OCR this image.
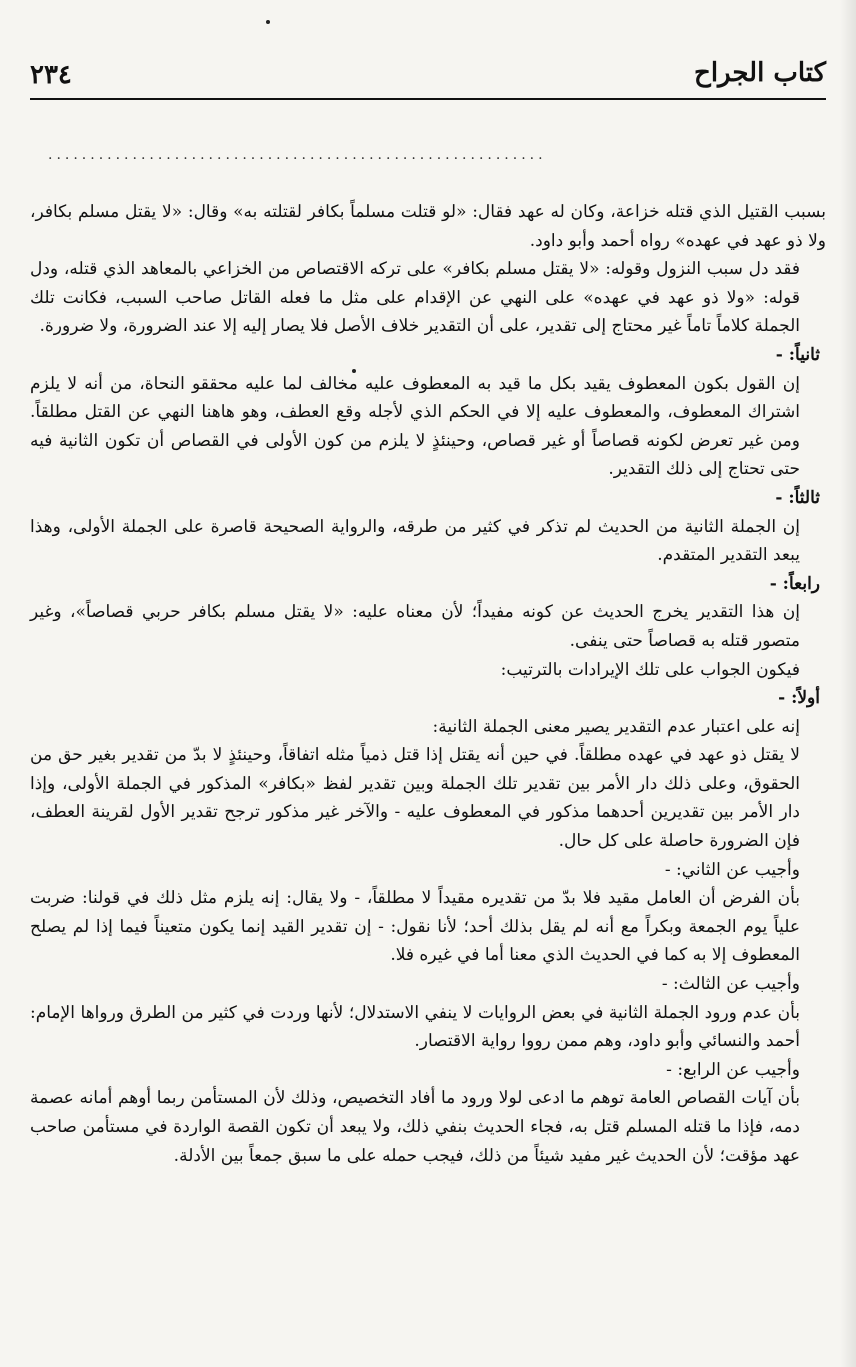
كتاب الجراح
٢٣٤
...........................................................

بسبب القتيل الذي قتله خزاعة، وكان له عهد فقال: «لو قتلت مسلماً بكافر لقتلته به» وقال: «لا يقتل مسلم بكافر، ولا ذو عهد في عهده» رواه أحمد وأبو داود.

فقد دل سبب النزول وقوله: «لا يقتل مسلم بكافر» على تركه الاقتصاص من الخزاعي بالمعاهد الذي قتله، ودل قوله: «ولا ذو عهد في عهده» على النهي عن الإقدام على مثل ما فعله القاتل صاحب السبب، فكانت تلك الجملة كلاماً تاماً غير محتاج إلى تقدير، على أن التقدير خلاف الأصل فلا يصار إليه إلا عند الضرورة، ولا ضرورة.

ثانياً: -

إن القول بكون المعطوف يقيد بكل ما قيد به المعطوف عليه مخالف لما عليه محققو النحاة، من أنه لا يلزم اشتراك المعطوف، والمعطوف عليه إلا في الحكم الذي لأجله وقع العطف، وهو هاهنا النهي عن القتل مطلقاً. ومن غير تعرض لكونه قصاصاً أو غير قصاص، وحينئذٍ لا يلزم من كون الأولى في القصاص أن تكون الثانية فيه حتى تحتاج إلى ذلك التقدير.

ثالثاً: -

إن الجملة الثانية من الحديث لم تذكر في كثير من طرقه، والرواية الصحيحة قاصرة على الجملة الأولى، وهذا يبعد التقدير المتقدم.

رابعاً: -

إن هذا التقدير يخرج الحديث عن كونه مفيداً؛ لأن معناه عليه: «لا يقتل مسلم بكافر حربي قصاصاً»، وغير متصور قتله به قصاصاً حتى ينفى.

فيكون الجواب على تلك الإيرادات بالترتيب:

أولاً: -

إنه على اعتبار عدم التقدير يصير معنى الجملة الثانية:

لا يقتل ذو عهد في عهده مطلقاً. في حين أنه يقتل إذا قتل ذمياً مثله اتفاقاً، وحينئذٍ لا بدّ من تقدير بغير حق من الحقوق، وعلى ذلك دار الأمر بين تقدير تلك الجملة وبين تقدير لفظ «بكافر» المذكور في الجملة الأولى، وإذا دار الأمر بين تقديرين أحدهما مذكور في المعطوف عليه - والآخر غير مذكور ترجح تقدير الأول لقرينة العطف، فإن الضرورة حاصلة على كل حال.

وأجيب عن الثاني: -

بأن الفرض أن العامل مقيد فلا بدّ من تقديره مقيداً لا مطلقاً، - ولا يقال: إنه يلزم مثل ذلك في قولنا: ضربت علياً يوم الجمعة وبكراً مع أنه لم يقل بذلك أحد؛ لأنا نقول: - إن تقدير القيد إنما يكون متعيناً فيما إذا لم يصلح المعطوف إلا به كما في الحديث الذي معنا أما في غيره فلا.

وأجيب عن الثالث: -

بأن عدم ورود الجملة الثانية في بعض الروايات لا ينفي الاستدلال؛ لأنها وردت في كثير من الطرق ورواها الإمام: أحمد والنسائي وأبو داود، وهم ممن رووا رواية الاقتصار.

وأجيب عن الرابع: -

بأن آيات القصاص العامة توهم ما ادعى لولا ورود ما أفاد التخصيص، وذلك لأن المستأمن ربما أوهم أمانه عصمة دمه، فإذا ما قتله المسلم قتل به، فجاء الحديث بنفي ذلك، ولا يبعد أن تكون القصة الواردة في مستأمن صاحب عهد مؤقت؛ لأن الحديث غير مفيد شيئاً من ذلك، فيجب حمله على ما سبق جمعاً بين الأدلة.
